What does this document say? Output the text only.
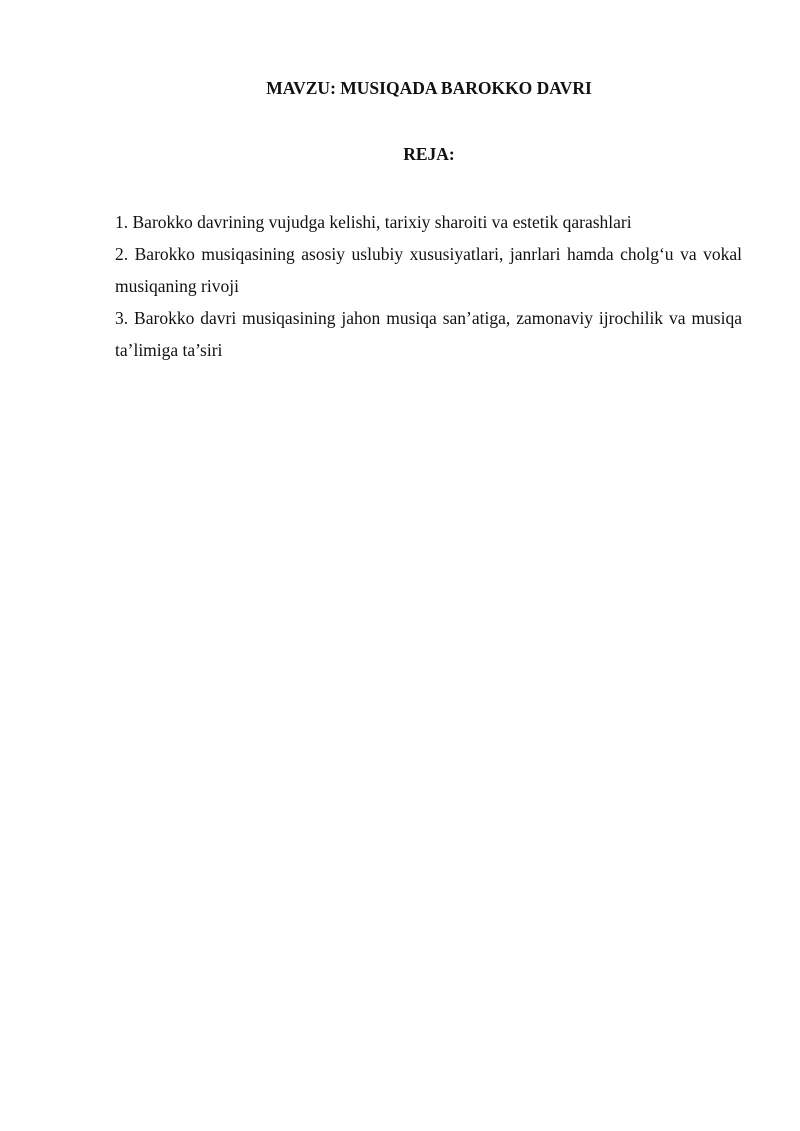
MAVZU: MUSIQADA BAROKKO DAVRI
REJA:
1. Barokko davrining vujudga kelishi, tarixiy sharoiti va estetik qarashlari
2. Barokko musiqasining asosiy uslubiy xususiyatlari, janrlari hamda cholg‘u va vokal musiqaning rivoji
3. Barokko davri musiqasining jahon musiqa san’atiga, zamonaviy ijrochilik va musiqa ta’limiga ta’siri
